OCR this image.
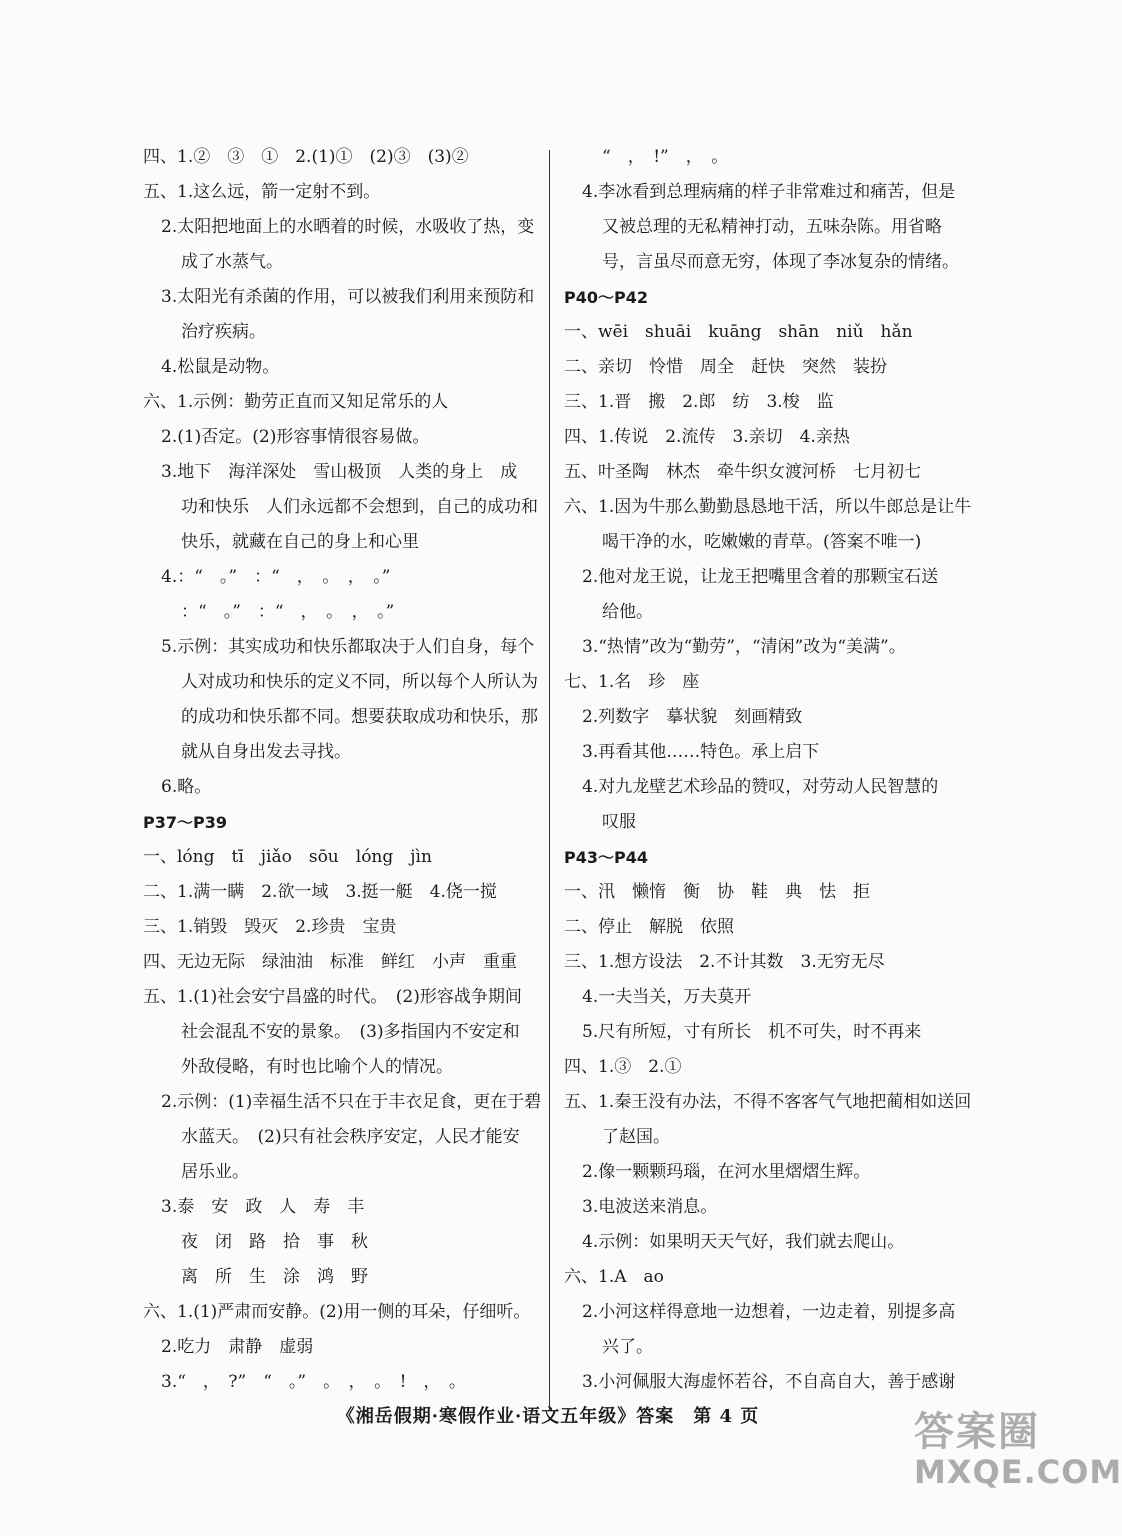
四、1.②　③　①　2.(1)①　(2)③　(3)②
五、1.这么远，箭一定射不到。
2.太阳把地面上的水晒着的时候，水吸收了热，变
成了水蒸气。
3.太阳光有杀菌的作用，可以被我们利用来预防和
治疗疾病。
4.松鼠是动物。
六、1.示例：勤劳正直而又知足常乐的人
2.(1)否定。(2)形容事情很容易做。
3.地下　海洋深处　雪山极顶　人类的身上　成
功和快乐　人们永远都不会想到，自己的成功和
快乐，就藏在自己的身上和心里
4.：“　。”　：“　，　。　，　。”
：“　。”　：“　，　。　，　。”
5.示例：其实成功和快乐都取决于人们自身，每个
人对成功和快乐的定义不同，所以每个人所认为
的成功和快乐都不同。想要获取成功和快乐，那
就从自身出发去寻找。
6.略。
P37～P39
一、lóng　tī　jiǎo　sōu　lóng　jìn
二、1.满一瞒　2.欲一域　3.挺一艇　4.侥一搅
三、1.销毁　毁灭　2.珍贵　宝贵
四、无边无际　绿油油　标准　鲜红　小声　重重
五、1.(1)社会安宁昌盛的时代。　(2)形容战争期间
社会混乱不安的景象。　(3)多指国内不安定和
外敌侵略，有时也比喻个人的情况。
2.示例：(1)幸福生活不只在于丰衣足食，更在于碧
水蓝天。　(2)只有社会秩序安定，人民才能安
居乐业。
3.泰　安　政　人　寿　丰
夜　闭　路　拾　事　秋
离　所　生　涂　鸿　野
六、1.(1)严肃而安静。(2)用一侧的耳朵，仔细听。
2.吃力　肃静　虚弱
3.“　，　?”　“　。”　。　，　。　!　，　。
“　，　!”　，　。
4.李冰看到总理病痛的样子非常难过和痛苦，但是
又被总理的无私精神打动，五味杂陈。用省略
号，言虽尽而意无穷，体现了李冰复杂的情绪。
P40～P42
一、wēi　shuāi　kuāng　shān　niǔ　hǎn
二、亲切　怜惜　周全　赶快　突然　装扮
三、1.晋　搬　2.郎　纺　3.梭　监
四、1.传说　2.流传　3.亲切　4.亲热
五、叶圣陶　林杰　牵牛织女渡河桥　七月初七
六、1.因为牛那么勤勤恳恳地干活，所以牛郎总是让牛
喝干净的水，吃嫩嫩的青草。(答案不唯一)
2.他对龙王说，让龙王把嘴里含着的那颗宝石送
给他。
3.“热情”改为“勤劳”，“清闲”改为“美满”。
七、1.名　珍　座
2.列数字　摹状貌　刻画精致
3.再看其他……特色。承上启下
4.对九龙壁艺术珍品的赞叹，对劳动人民智慧的
叹服
P43～P44
一、汛　懒惰　衡　协　鞋　典　怯　拒
二、停止　解脱　依照
三、1.想方设法　2.不计其数　3.无穷无尽
4.一夫当关，万夫莫开
5.尺有所短，寸有所长　机不可失，时不再来
四、1.③　2.①
五、1.秦王没有办法，不得不客客气气地把蔺相如送回
了赵国。
2.像一颗颗玛瑙，在河水里熠熠生辉。
3.电波送来消息。
4.示例：如果明天天气好，我们就去爬山。
六、1.A　ao
2.小河这样得意地一边想着，一边走着，别提多高
兴了。
3.小河佩服大海虚怀若谷，不自高自大，善于感谢
《湘岳假期·寒假作业·语文五年级》答案　第 4 页	答案圈
MXQE.COM
